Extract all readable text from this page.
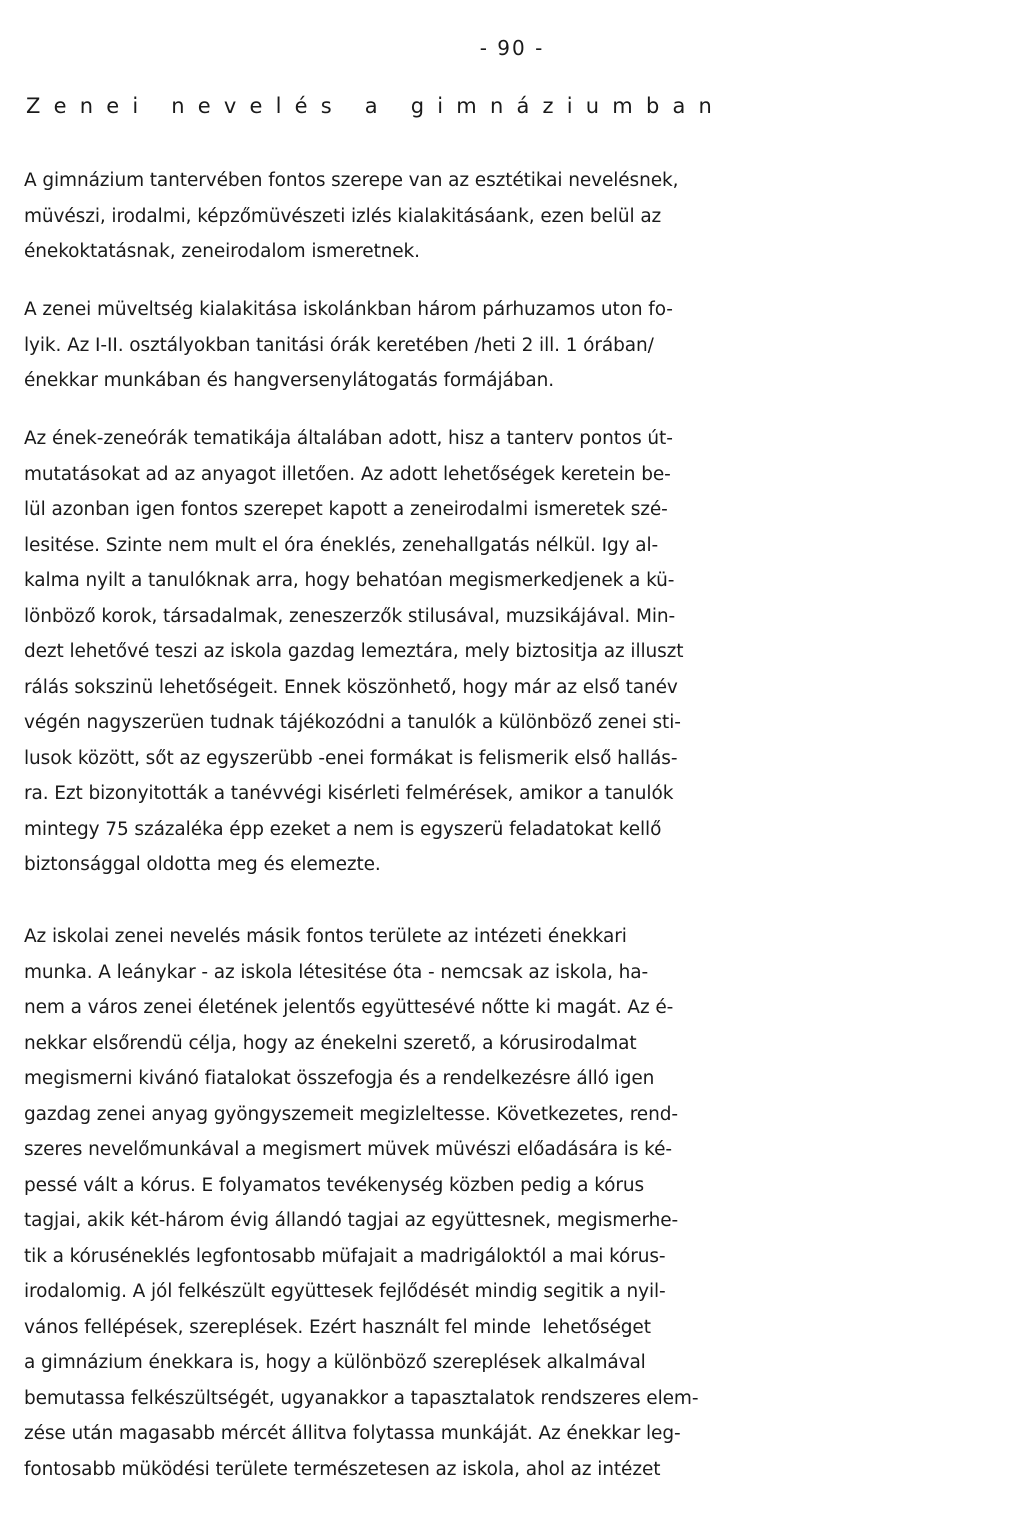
- 90 -
Zenei nevelés a gimnáziumban
A gimnázium tantervében fontos szerepe van az esztétikai nevelésnek,
müvészi, irodalmi, képzőmüvészeti izlés kialakitásáank, ezen belül az
énekoktatásnak, zeneirodalom ismeretnek.
A zenei müveltség kialakitása iskolánkban három párhuzamos uton fo-
lyik. Az I-II. osztályokban tanitási órák keretében /heti 2 ill. 1 órában/
énekkar munkában és hangversenylátogatás formájában.
Az ének-zeneórák tematikája általában adott, hisz a tanterv pontos út-
mutatásokat ad az anyagot illetően. Az adott lehetőségek keretein be-
lül azonban igen fontos szerepet kapott a zeneirodalmi ismeretek szé-
lesitése. Szinte nem mult el óra éneklés, zenehallgatás nélkül. Igy al-
kalma nyilt a tanulóknak arra, hogy behatóan megismerkedjenek a kü-
lönböző korok, társadalmak, zeneszerzők stilusával, muzsikájával. Min-
dezt lehetővé teszi az iskola gazdag lemeztára, mely biztositja az illuszt
rálás sokszinü lehetőségeit. Ennek köszönhető, hogy már az első tanév
végén nagyszerüen tudnak tájékozódni a tanulók a különböző zenei sti-
lusok között, sőt az egyszerübb -enei formákat is felismerik első hallás-
ra. Ezt bizonyitották a tanévvégi kisérleti felmérések, amikor a tanulók
mintegy 75 százaléka épp ezeket a nem is egyszerü feladatokat kellő
biztonsággal oldotta meg és elemezte.
Az iskolai zenei nevelés másik fontos területe az intézeti énekkari
munka. A leánykar - az iskola létesitése óta - nemcsak az iskola, ha-
nem a város zenei életének jelentős együttesévé nőtte ki magát. Az é-
nekkar elsőrendü célja, hogy az énekelni szerető, a kórusirodalmat
megismerni kivánó fiatalokat összefogja és a rendelkezésre álló igen
gazdag zenei anyag gyöngyszemeit megizleltesse. Következetes, rend-
szeres nevelőmunkával a megismert müvek müvészi előadására is ké-
pessé vált a kórus. E folyamatos tevékenység közben pedig a kórus
tagjai, akik két-három évig állandó tagjai az együttesnek, megismerhe-
tik a kóruséneklés legfontosabb müfajait a madrigáloktól a mai kórus-
irodalomig. A jól felkészült együttesek fejlődését mindig segitik a nyil-
vános fellépések, szereplések. Ezért használt fel minde  lehetőséget
a gimnázium énekkara is, hogy a különböző szereplések alkalmával
bemutassa felkészültségét, ugyanakkor a tapasztalatok rendszeres elem-
zése után magasabb mércét állitva folytassa munkáját. Az énekkar leg-
fontosabb müködési területe természetesen az iskola, ahol az intézet
